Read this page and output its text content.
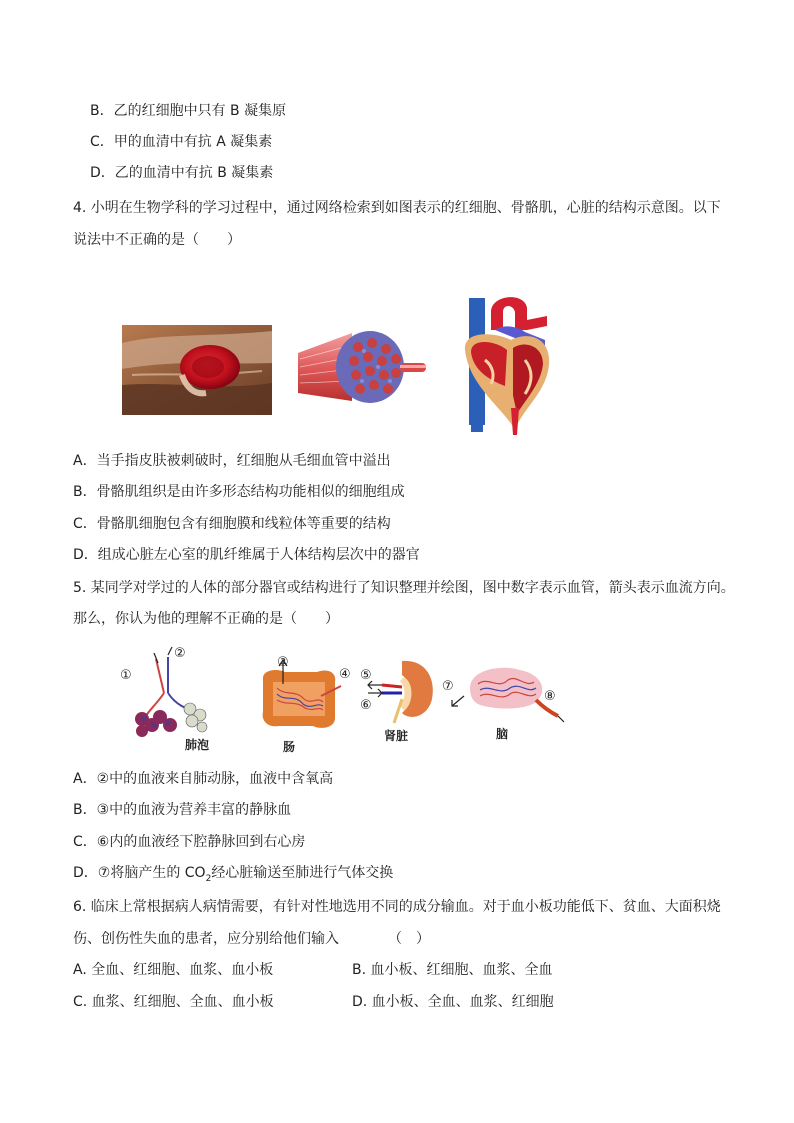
B．乙的红细胞中只有 B 凝集原
C．甲的血清中有抗 A 凝集素
D．乙的血清中有抗 B 凝集素
4. 小明在生物学科的学习过程中，通过网络检索到如图表示的红细胞、骨骼肌，心脏的结构示意图。以下
说法中不正确的是（　　）
A．当手指皮肤被刺破时，红细胞从毛细血管中溢出
B．骨骼肌组织是由许多形态结构功能相似的细胞组成
C．骨骼肌细胞包含有细胞膜和线粒体等重要的结构
D．组成心脏左心室的肌纤维属于人体结构层次中的器官
5. 某同学对学过的人体的部分器官或结构进行了知识整理并绘图，图中数字表示血管，箭头表示血流方向。
那么，你认为他的理解不正确的是（　　）
①
②
肺泡
③
④
肠
⑤
⑥
肾脏
⑦
⑧
脑
A．②中的血液来自肺动脉，血液中含氧高
B．③中的血液为营养丰富的静脉血
C．⑥内的血液经下腔静脉回到右心房
D．⑦将脑产生的 $CO_2$经心脏输送至肺进行气体交换
6. 临床上常根据病人病情需要，有针对性地选用不同的成分输血。对于血小板功能低下、贫血、大面积烧
伤、创伤性失血的患者，应分别给他们输入　　　　（　）
A. 全血、红细胞、血浆、血小板	B. 血小板、红细胞、血浆、全血
C. 血浆、红细胞、全血、血小板	D. 血小板、全血、血浆、红细胞
